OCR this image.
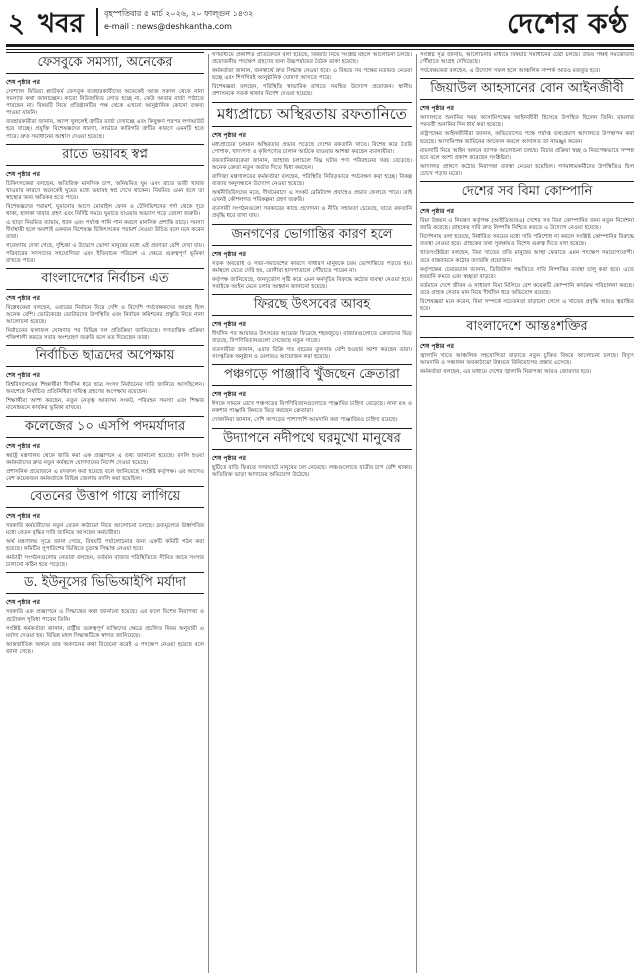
২ খবর	বৃহস্পতিবার ৫ মার্চ ২০২৬, ২০ ফাল্গুন ১৪৩২
e-mail : news@deshkantha.com	দেশের কণ্ঠ
ফেসবুকে সমস্যা, অনেকের
শেষ পৃষ্ঠার পর

সোশ্যাল মিডিয়া প্ল্যাটফর্ম ফেসবুক ব্যবহারকারীদের অনেকেই আজ সকাল থেকে নানা সমস্যার কথা জানাচ্ছেন। কারো নিউজফিড লোড হচ্ছে না, কেউ আবার বার্তা পাঠাতে পারছেন না। বিষয়টি নিয়ে প্রতিষ্ঠানটির পক্ষ থেকে এখনো আনুষ্ঠানিক কোনো বক্তব্য পাওয়া যায়নি।

ব্যবহারকারীরা জানান, অ্যাপ খুললেই ত্রুটির বার্তা দেখাচ্ছে এবং কিছুক্ষণ পরপর লগআউট হয়ে যাচ্ছে। প্রযুক্তি বিশেষজ্ঞদের ধারণা, সার্ভারে কারিগরি ত্রুটির কারণে এমনটি হতে পারে। দ্রুত সমাধানের আশ্বাস দেওয়া হয়েছে।

রাতে ভয়াবহ স্বপ্ন
শেষ পৃষ্ঠার পর

চিকিৎসকেরা বলছেন, অতিরিক্ত মানসিক চাপ, অনিয়মিত ঘুম এবং রাতে ভারী খাবার খাওয়ার কারণে অনেকেই ঘুমের মধ্যে ভয়াবহ স্বপ্ন দেখে থাকেন। নিয়মিত এমন হলে তা স্বাস্থ্যের জন্য ক্ষতিকর হতে পারে।

বিশেষজ্ঞদের পরামর্শ, ঘুমানোর আগে মোবাইল ফোন ও টেলিভিশনের পর্দা থেকে দূরে থাকা, হালকা খাবার গ্রহণ এবং নির্দিষ্ট সময়ে ঘুমাতে যাওয়ার অভ্যাস গড়ে তোলা জরুরি।

এ ছাড়া নিয়মিত ব্যায়াম, ধ্যান এবং পর্যাপ্ত পানি পান করলে মানসিক প্রশান্তি বাড়ে। সমস্যা দীর্ঘস্থায়ী হলে অবশ্যই একজন বিশেষজ্ঞ চিকিৎসকের পরামর্শ নেওয়া উচিত বলে মনে করেন তারা।

গবেষণায় দেখা গেছে, দুশ্চিন্তা ও উদ্বেগে ভোগা মানুষের মধ্যে এই প্রবণতা বেশি দেখা যায়। পরিবারের সদস্যদের সহযোগিতা এবং ইতিবাচক পরিবেশ এ ক্ষেত্রে গুরুত্বপূর্ণ ভূমিকা রাখতে পারে।

বাংলাদেশের নির্বাচন এত
শেষ পৃষ্ঠার পর

বিশ্লেষকেরা বলছেন, এবারের নির্বাচন ঘিরে দেশি ও বিদেশি পর্যবেক্ষকদের আগ্রহ ছিল অনেক বেশি। ভোটকেন্দ্রে ভোটারদের উপস্থিতি এবং নির্বাচন কমিশনের প্রস্তুতি নিয়ে নানা আলোচনা হয়েছে।

নির্বাচনের ফলাফল ঘোষণার পর বিভিন্ন দল প্রতিক্রিয়া জানিয়েছে। গণতান্ত্রিক প্রক্রিয়া শক্তিশালী করতে সবার অংশগ্রহণ জরুরি বলে মত দিয়েছেন তারা।

নির্বাচিত ছাত্রদের অপেক্ষায়
শেষ পৃষ্ঠার পর

বিশ্ববিদ্যালয়ের শিক্ষার্থীরা দীর্ঘদিন ধরে ছাত্র সংসদ নির্বাচনের দাবি জানিয়ে আসছিলেন। অবশেষে নির্বাচিত প্রতিনিধিরা দায়িত্ব গ্রহণের অপেক্ষায় রয়েছেন।

শিক্ষার্থীরা আশা করছেন, নতুন নেতৃত্ব আবাসন সংকট, পরিবহন সমস্যা এবং শিক্ষার মানোন্নয়নে কার্যকর ভূমিকা রাখবে।

কলেজের ১০ এসপি পদমর্যাদার
শেষ পৃষ্ঠার পর

স্বরাষ্ট্র মন্ত্রণালয় থেকে জারি করা এক প্রজ্ঞাপনে এ তথ্য জানানো হয়েছে। বদলি হওয়া কর্মকর্তাদের দ্রুত নতুন কর্মস্থলে যোগদানের নির্দেশ দেওয়া হয়েছে।

প্রশাসনিক প্রয়োজনে এ রদবদল করা হয়েছে বলে জানিয়েছে সংশ্লিষ্ট কর্তৃপক্ষ। এর আগেও বেশ কয়েকজন কর্মকর্তাকে বিভিন্ন জেলায় বদলি করা হয়েছিল।

বেতনের উত্তাপ গায়ে লাগিয়ে
শেষ পৃষ্ঠার পর

সরকারি কর্মচারীদের নতুন বেতন কাঠামো নিয়ে আলোচনা চলছে। দ্রব্যমূল্যের ঊর্ধ্বগতির মধ্যে বেতন বৃদ্ধির দাবি জানিয়ে আসছেন কর্মচারীরা।

অর্থ মন্ত্রণালয় সূত্রে জানা গেছে, বিষয়টি পর্যালোচনার জন্য একটি কমিটি গঠন করা হয়েছে। কমিটির সুপারিশের ভিত্তিতে চূড়ান্ত সিদ্ধান্ত নেওয়া হবে।

কর্মচারী সংগঠনগুলোর নেতারা বলছেন, বর্তমান বাজার পরিস্থিতিতে সীমিত আয়ে সংসার চালানো কঠিন হয়ে পড়েছে।

ড. ইউনূসের ভিভিআইপি মর্যাদা
শেষ পৃষ্ঠার পর

সরকারি এক প্রজ্ঞাপনে এ সিদ্ধান্তের কথা জানানো হয়েছে। এর ফলে বিশেষ নিরাপত্তা ও প্রটোকল সুবিধা পাবেন তিনি।

সংশ্লিষ্ট কর্মকর্তারা জানান, রাষ্ট্রীয় গুরুত্বপূর্ণ ব্যক্তিদের ক্ষেত্রে প্রচলিত নিয়ম অনুযায়ী এ মর্যাদা দেওয়া হয়। বিভিন্ন মহল সিদ্ধান্তটিকে স্বাগত জানিয়েছে।

আন্তর্জাতিক অঙ্গনে তার অবদানের কথা বিবেচনা করেই এ পদক্ষেপ নেওয়া হয়েছে বলে জানা গেছে।

গণমাধ্যমে প্রকাশিত প্রতিবেদনে বলা হয়েছে, বিষয়টি নিয়ে সংশ্লিষ্ট মহলে আলোচনা চলছে। প্রয়োজনীয় পদক্ষেপ গ্রহণের জন্য উচ্চপর্যায়ের বৈঠক ডাকা হয়েছে।

কর্মকর্তারা জানান, জনস্বার্থে দ্রুত সিদ্ধান্ত নেওয়া হবে। এ বিষয়ে সব পক্ষের মতামত নেওয়া হচ্ছে এবং শিগগিরই আনুষ্ঠানিক ঘোষণা আসতে পারে।

বিশেষজ্ঞরা বলছেন, পরিস্থিতি স্বাভাবিক রাখতে সমন্বিত উদ্যোগ প্রয়োজন। স্থানীয় প্রশাসনকে সতর্ক থাকার নির্দেশ দেওয়া হয়েছে।

মধ্যপ্রাচ্যে অস্থিরতায় রফতানিতে
শেষ পৃষ্ঠার পর

মধ্যপ্রাচ্যের চলমান অস্থিরতার প্রভাব পড়েছে দেশের রফতানি খাতে। বিশেষ করে তৈরি পোশাক, খাদ্যপণ্য ও কৃষিপণ্যের চালান আটকে যাওয়ার আশঙ্কা করছেন ব্যবসায়ীরা।

রফতানিকারকেরা জানান, জাহাজ চলাচলে বিঘ্ন ঘটায় পণ্য পরিবহনের খরচ বেড়েছে। অনেক ক্রেতা নতুন অর্ডার দিতে দ্বিধা করছেন।

বাণিজ্য মন্ত্রণালয়ের কর্মকর্তারা বলছেন, পরিস্থিতি নিবিড়ভাবে পর্যবেক্ষণ করা হচ্ছে। বিকল্প বাজার অনুসন্ধানে উদ্যোগ নেওয়া হয়েছে।

অর্থনীতিবিদদের মতে, দীর্ঘমেয়াদে এ সংকট রেমিট্যান্স প্রবাহেও প্রভাব ফেলতে পারে। তাই এখনই কৌশলগত পরিকল্পনা গ্রহণ জরুরি।

ব্যবসায়ী সংগঠনগুলো সরকারের কাছে প্রণোদনা ও নীতি সহায়তা চেয়েছে, যাতে রফতানি প্রবৃদ্ধি ধরে রাখা যায়।

জনগণের ভোগান্তির কারণ হলে
শেষ পৃষ্ঠার পর

সড়ক অবরোধ ও সভা-সমাবেশের কারণে সাধারণ মানুষকে চরম ভোগান্তিতে পড়তে হয়। কর্মস্থলে যেতে দেরি হয়, রোগীরা হাসপাতালে পৌঁছাতে পারেন না।

কর্তৃপক্ষ জানিয়েছে, জনদুর্ভোগ সৃষ্টি করে এমন কর্মসূচির বিরুদ্ধে কঠোর ব্যবস্থা নেওয়া হবে। সবাইকে আইন মেনে চলার আহ্বান জানানো হয়েছে।

ফিরছে উৎসবের আবহ
শেষ পৃষ্ঠার পর

দীর্ঘদিন পর আবারও উৎসবের আমেজ ফিরেছে শহরজুড়ে। বাজারগুলোতে ক্রেতাদের ভিড় বাড়ছে, বিপণিবিতানগুলো সেজেছে নতুন সাজে।

ব্যবসায়ীরা জানান, এবার বিক্রি গত বছরের তুলনায় বেশি হওয়ার আশা করছেন তারা। সাংস্কৃতিক অনুষ্ঠান ও মেলারও আয়োজন করা হয়েছে।

পঞ্চগড়ে পাঞ্জাবি খুঁজছেন ক্রেতারা
শেষ পৃষ্ঠার পর

ঈদকে সামনে রেখে পঞ্চগড়ের বিপণিবিতানগুলোতে পাঞ্জাবির চাহিদা বেড়েছে। নানা রঙ ও নকশার পাঞ্জাবি কিনতে ভিড় করছেন ক্রেতারা।

দোকানিরা জানান, দেশি কাপড়ের পাশাপাশি আমদানি করা পাঞ্জাবিরও চাহিদা রয়েছে।

উদ্যাপনে নদীপথে ঘরমুখো মানুষের
শেষ পৃষ্ঠার পর

ছুটিতে বাড়ি ফিরতে সদরঘাটে মানুষের ঢল নেমেছে। লঞ্চগুলোতে যাত্রীর চাপ বেশি থাকায় অতিরিক্ত ভাড়া আদায়ের অভিযোগ উঠেছে।

সংশ্লিষ্ট সূত্র জানায়, আলোচনার মাধ্যমে বিষয়টি সমাধানের চেষ্টা চলছে। উভয় পক্ষই সমঝোতায় পৌঁছাতে আগ্রহ দেখিয়েছে।

পর্যবেক্ষকেরা বলছেন, এ উদ্যোগ সফল হলে আঞ্চলিক সম্পর্ক আরও মজবুত হবে।

জিয়াউল আহসানের বোন আইনজীবী
শেষ পৃষ্ঠার পর

আদালতে শুনানির সময় আসামিপক্ষের আইনজীবী হিসেবে উপস্থিত ছিলেন তিনি। মামলার পরবর্তী শুনানির দিন ধার্য করা হয়েছে।

রাষ্ট্রপক্ষের আইনজীবীরা জানান, অভিযোগের পক্ষে পর্যাপ্ত তথ্যপ্রমাণ আদালতে উপস্থাপন করা হয়েছে। আসামিপক্ষ জামিনের আবেদন করলে আদালত তা নামঞ্জুর করেন।

মামলাটি নিয়ে আইন অঙ্গনে ব্যাপক আলোচনা চলছে। বিচার প্রক্রিয়া স্বচ্ছ ও নিরপেক্ষভাবে সম্পন্ন হবে বলে আশা প্রকাশ করেছেন সংশ্লিষ্টরা।

আদালত প্রাঙ্গণে কঠোর নিরাপত্তা ব্যবস্থা নেওয়া হয়েছিল। গণমাধ্যমকর্মীদের উপস্থিতিও ছিল চোখে পড়ার মতো।

দেশের সব বিমা কোম্পানি
শেষ পৃষ্ঠার পর

বিমা উন্নয়ন ও নিয়ন্ত্রণ কর্তৃপক্ষ (আইডিআরএ) দেশের সব বিমা কোম্পানির জন্য নতুন নির্দেশনা জারি করেছে। গ্রাহকের দাবি দ্রুত নিষ্পত্তি নিশ্চিত করতে এ উদ্যোগ নেওয়া হয়েছে।

নির্দেশনায় বলা হয়েছে, নির্ধারিত সময়ের মধ্যে দাবি পরিশোধ না করলে সংশ্লিষ্ট কোম্পানির বিরুদ্ধে ব্যবস্থা নেওয়া হবে। গ্রাহকের তথ্য সুরক্ষায়ও বিশেষ গুরুত্ব দিতে বলা হয়েছে।

খাতসংশ্লিষ্টরা বলছেন, বিমা খাতের প্রতি মানুষের আস্থা ফেরাতে এমন পদক্ষেপ সময়োপযোগী। তবে বাস্তবায়নে কঠোর তদারকি প্রয়োজন।

কর্তৃপক্ষের চেয়ারম্যান জানান, ডিজিটাল পদ্ধতিতে দাবি নিষ্পত্তির ব্যবস্থা চালু করা হবে। এতে হয়রানি কমবে এবং স্বচ্ছতা বাড়বে।

বর্তমানে দেশে জীবন ও সাধারণ বিমা মিলিয়ে বেশ কয়েকটি কোম্পানি কার্যক্রম পরিচালনা করছে। তবে গ্রাহক সেবার মান নিয়ে দীর্ঘদিন ধরে অভিযোগ রয়েছে।

বিশেষজ্ঞরা মনে করেন, বিমা সম্পর্কে সচেতনতা বাড়ানো গেলে এ খাতের প্রবৃদ্ধি আরও ত্বরান্বিত হবে।

বাংলাদেশে আন্তঃশক্তির
শেষ পৃষ্ঠার পর

জ্বালানি খাতে আঞ্চলিক সহযোগিতা বাড়াতে নতুন চুক্তির বিষয়ে আলোচনা চলছে। বিদ্যুৎ আমদানি ও সঞ্চালন অবকাঠামো উন্নয়নে বিনিয়োগের প্রস্তাব এসেছে।

কর্মকর্তারা বলছেন, এর মাধ্যমে দেশের জ্বালানি নিরাপত্তা আরও জোরদার হবে।
